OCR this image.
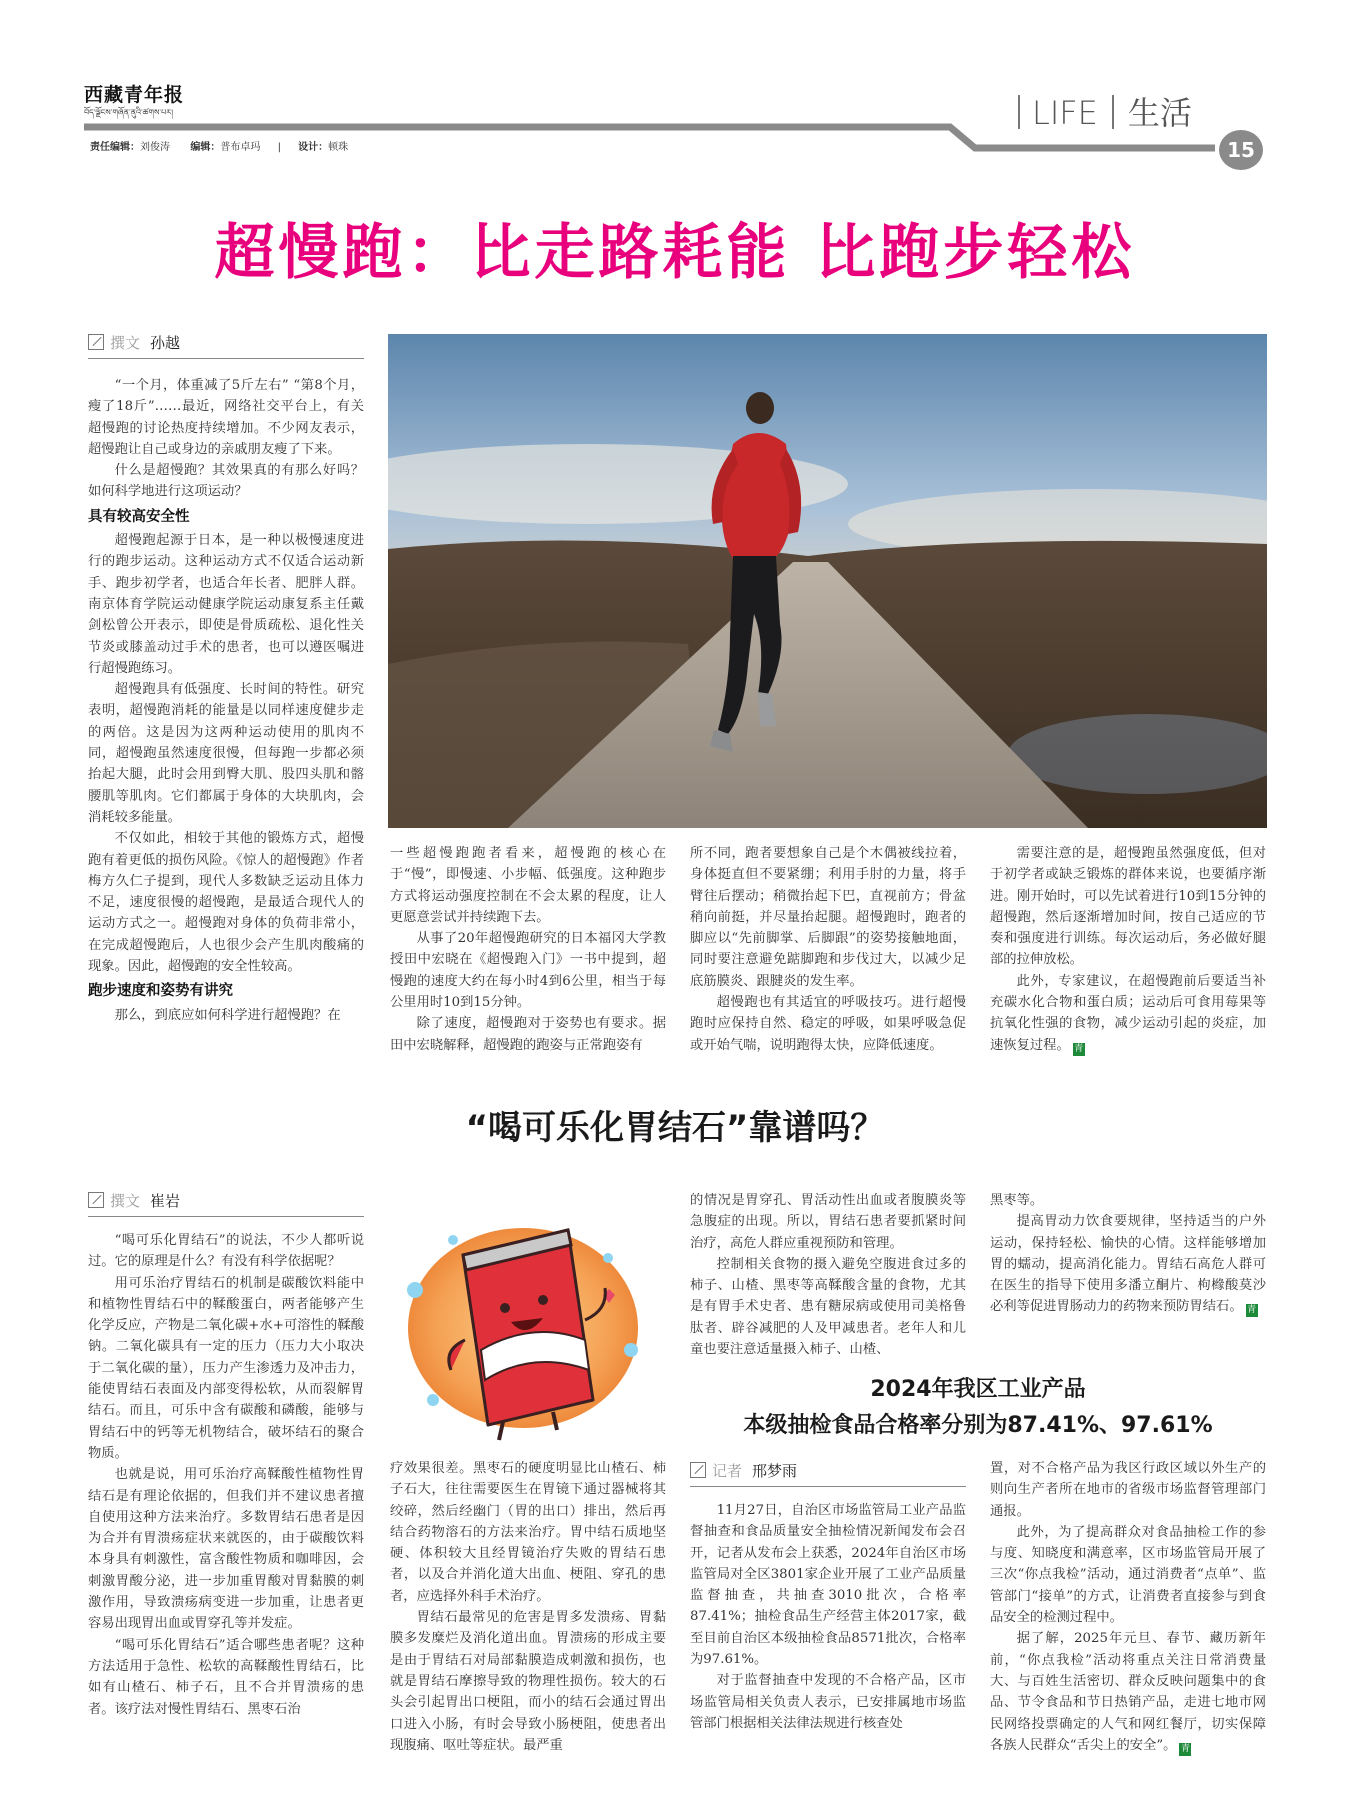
西藏青年报
བོད་ལྗོངས་གཞོན་ནུའི་ཚགས་པར།
责任编辑：刘俊涛 编辑：普布卓玛 | 设计：顿珠
LIFE 生活
15
超慢跑：比走路耗能 比跑步轻松
撰文 孙越

“一个月，体重减了5斤左右” “第8个月，瘦了18斤”……最近，网络社交平台上，有关超慢跑的讨论热度持续增加。不少网友表示，超慢跑让自己或身边的亲戚朋友瘦了下来。

什么是超慢跑？其效果真的有那么好吗？如何科学地进行这项运动？

具有较高安全性

超慢跑起源于日本，是一种以极慢速度进行的跑步运动。这种运动方式不仅适合运动新手、跑步初学者，也适合年长者、肥胖人群。南京体育学院运动健康学院运动康复系主任戴剑松曾公开表示，即使是骨质疏松、退化性关节炎或膝盖动过手术的患者，也可以遵医嘱进行超慢跑练习。

超慢跑具有低强度、长时间的特性。研究表明，超慢跑消耗的能量是以同样速度健步走的两倍。这是因为这两种运动使用的肌肉不同，超慢跑虽然速度很慢，但每跑一步都必须抬起大腿，此时会用到臀大肌、股四头肌和髂腰肌等肌肉。它们都属于身体的大块肌肉，会消耗较多能量。

不仅如此，相较于其他的锻炼方式，超慢跑有着更低的损伤风险。《惊人的超慢跑》作者梅方久仁子提到，现代人多数缺乏运动且体力不足，速度很慢的超慢跑，是最适合现代人的运动方式之一。超慢跑对身体的负荷非常小，在完成超慢跑后，人也很少会产生肌肉酸痛的现象。因此，超慢跑的安全性较高。

跑步速度和姿势有讲究

那么，到底应如何科学进行超慢跑？在

一些超慢跑跑者看来，超慢跑的核心在于“慢”，即慢速、小步幅、低强度。这种跑步方式将运动强度控制在不会太累的程度，让人更愿意尝试并持续跑下去。

从事了20年超慢跑研究的日本福冈大学教授田中宏晓在《超慢跑入门》一书中提到，超慢跑的速度大约在每小时4到6公里，相当于每公里用时10到15分钟。

除了速度，超慢跑对于姿势也有要求。据田中宏晓解释，超慢跑的跑姿与正常跑姿有

所不同，跑者要想象自己是个木偶被线拉着，身体挺直但不要紧绷；利用手肘的力量，将手臂往后摆动；稍微抬起下巴，直视前方；骨盆稍向前挺，并尽量抬起腿。超慢跑时，跑者的脚应以“先前脚掌、后脚跟”的姿势接触地面，同时要注意避免踮脚跑和步伐过大，以减少足底筋膜炎、跟腱炎的发生率。

超慢跑也有其适宜的呼吸技巧。进行超慢跑时应保持自然、稳定的呼吸，如果呼吸急促或开始气喘，说明跑得太快，应降低速度。

需要注意的是，超慢跑虽然强度低，但对于初学者或缺乏锻炼的群体来说，也要循序渐进。刚开始时，可以先试着进行10到15分钟的超慢跑，然后逐渐增加时间，按自己适应的节奏和强度进行训练。每次运动后，务必做好腿部的拉伸放松。

此外，专家建议，在超慢跑前后要适当补充碳水化合物和蛋白质；运动后可食用莓果等抗氧化性强的食物，减少运动引起的炎症，加速恢复过程。 青

“喝可乐化胃结石”靠谱吗？
撰文 崔岩

“喝可乐化胃结石”的说法，不少人都听说过。它的原理是什么？有没有科学依据呢？

用可乐治疗胃结石的机制是碳酸饮料能中和植物性胃结石中的鞣酸蛋白，两者能够产生化学反应，产物是二氧化碳+水+可溶性的鞣酸钠。二氧化碳具有一定的压力（压力大小取决于二氧化碳的量），压力产生渗透力及冲击力，能使胃结石表面及内部变得松软，从而裂解胃结石。而且，可乐中含有碳酸和磷酸，能够与胃结石中的钙等无机物结合，破坏结石的聚合物质。

也就是说，用可乐治疗高鞣酸性植物性胃结石是有理论依据的，但我们并不建议患者擅自使用这种方法来治疗。多数胃结石患者是因为合并有胃溃疡症状来就医的，由于碳酸饮料本身具有刺激性，富含酸性物质和咖啡因，会刺激胃酸分泌，进一步加重胃酸对胃黏膜的刺激作用，导致溃疡病变进一步加重，让患者更容易出现胃出血或胃穿孔等并发症。

“喝可乐化胃结石”适合哪些患者呢？这种方法适用于急性、松软的高鞣酸性胃结石，比如有山楂石、柿子石，且不合并胃溃疡的患者。该疗法对慢性胃结石、黑枣石治

疗效果很差。黑枣石的硬度明显比山楂石、柿子石大，往往需要医生在胃镜下通过器械将其绞碎，然后经幽门（胃的出口）排出，然后再结合药物溶石的方法来治疗。胃中结石质地坚硬、体积较大且经胃镜治疗失败的胃结石患者，以及合并消化道大出血、梗阻、穿孔的患者，应选择外科手术治疗。

胃结石最常见的危害是胃多发溃疡、胃黏膜多发糜烂及消化道出血。胃溃疡的形成主要是由于胃结石对局部黏膜造成刺激和损伤，也就是胃结石摩擦导致的物理性损伤。较大的石头会引起胃出口梗阻，而小的结石会通过胃出口进入小肠，有时会导致小肠梗阻，使患者出现腹痛、呕吐等症状。最严重

的情况是胃穿孔、胃活动性出血或者腹膜炎等急腹症的出现。所以，胃结石患者要抓紧时间治疗，高危人群应重视预防和管理。

控制相关食物的摄入避免空腹进食过多的柿子、山楂、黑枣等高鞣酸含量的食物，尤其是有胃手术史者、患有糖尿病或使用司美格鲁肽者、辟谷减肥的人及甲减患者。老年人和儿童也要注意适量摄入柿子、山楂、

黑枣等。

提高胃动力饮食要规律，坚持适当的户外运动，保持轻松、愉快的心情。这样能够增加胃的蠕动，提高消化能力。胃结石高危人群可在医生的指导下使用多潘立酮片、枸橼酸莫沙必利等促进胃肠动力的药物来预防胃结石。 青

2024年我区工业产品
本级抽检食品合格率分别为87.41%、97.61%
记者 邢梦雨

11月27日，自治区市场监管局工业产品监督抽查和食品质量安全抽检情况新闻发布会召开，记者从发布会上获悉，2024年自治区市场监管局对全区3801家企业开展了工业产品质量监督抽查，共抽查3010批次，合格率87.41%；抽检食品生产经营主体2017家，截至目前自治区本级抽检食品8571批次，合格率为97.61%。

对于监督抽查中发现的不合格产品，区市场监管局相关负责人表示，已安排属地市场监管部门根据相关法律法规进行核查处

置，对不合格产品为我区行政区域以外生产的则向生产者所在地市的省级市场监督管理部门通报。

此外，为了提高群众对食品抽检工作的参与度、知晓度和满意率，区市场监管局开展了三次“你点我检”活动，通过消费者“点单”、监管部门“接单”的方式，让消费者直接参与到食品安全的检测过程中。

据了解，2025年元旦、春节、藏历新年前，“你点我检”活动将重点关注日常消费量大、与百姓生活密切、群众反映问题集中的食品、节令食品和节日热销产品，走进七地市网民网络投票确定的人气和网红餐厅，切实保障各族人民群众“舌尖上的安全”。 青
